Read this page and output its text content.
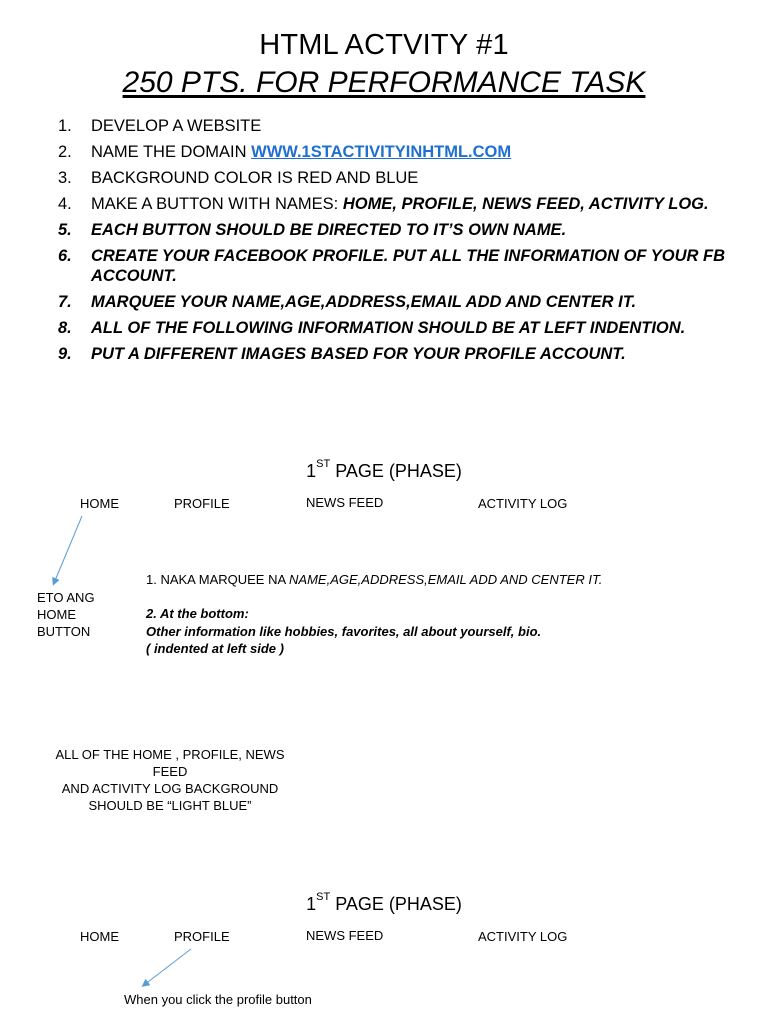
HTML ACTVITY #1
250 PTS. FOR PERFORMANCE TASK
1.	DEVELOP A WEBSITE
2.	NAME THE DOMAIN WWW.1STACTIVITYINHTML.COM
3.	BACKGROUND COLOR IS RED AND BLUE
4.	MAKE A BUTTON WITH NAMES: HOME, PROFILE, NEWS FEED, ACTIVITY LOG.
5.	EACH BUTTON SHOULD BE DIRECTED TO IT’S OWN NAME.
6.	CREATE YOUR FACEBOOK PROFILE. PUT ALL THE INFORMATION OF YOUR FB ACCOUNT.
7.	MARQUEE YOUR NAME,AGE,ADDRESS,EMAIL ADD AND CENTER IT.
8.	ALL OF THE FOLLOWING INFORMATION SHOULD BE AT LEFT INDENTION.
9.	PUT A DIFFERENT IMAGES BASED FOR YOUR PROFILE ACCOUNT.
1ST PAGE (PHASE)
HOME	PROFILE	NEWS FEED	ACTIVITY LOG
ETO ANG
HOME
BUTTON
1. NAKA MARQUEE NA NAME,AGE,ADDRESS,EMAIL ADD AND CENTER IT.
2. At the bottom:
Other information like hobbies, favorites, all about yourself, bio.
( indented at left side )
ALL OF THE HOME , PROFILE, NEWS FEED
AND ACTIVITY LOG BACKGROUND
SHOULD BE “LIGHT BLUE”
1ST PAGE (PHASE)
HOME	PROFILE	NEWS FEED	ACTIVITY LOG
When you click the profile button
